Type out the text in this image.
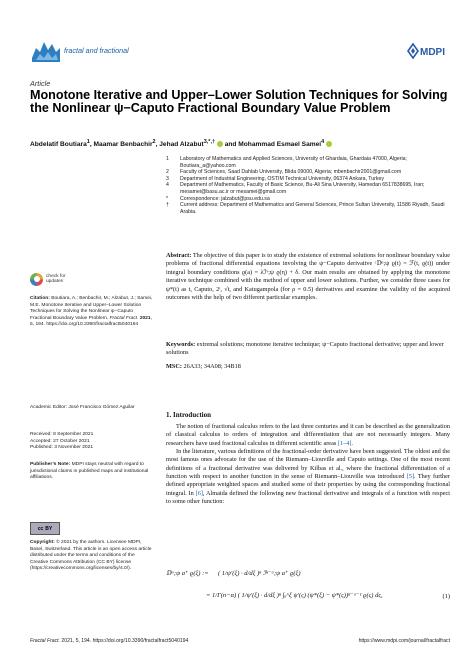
fractal and fractional	MDPI
Article
Monotone Iterative and Upper–Lower Solution Techniques for Solving the Nonlinear ψ−Caputo Fractional Boundary Value Problem
Abdelatif Boutiara$^1$, Maamar Benbachir$^2$, Jehad Alzabut$^{3,*,\dagger}$  and Mohammad Esmael Samei$^4$
1	Laboratory of Mathematics and Applied Sciences, University of Ghardaia, Ghardaia 47000, Algeria; Boutiara_a@yahoo.com
2	Faculty of Sciences, Saad Dahlab University, Blida 09000, Algeria; mbenbachir2001@gmail.com
3	Department of Industrial Engineering, OSTIM Technical University, 06374 Ankara, Turkey
4	Department of Mathematics, Faculty of Basic Science, Bu-Ali Sina University, Hamedan 6517838695, Iran; mesamei@basu.ac.ir or mesamei@gmail.com
*	Correspondence: jalzabut@psu.edu.sa
†	Current address: Department of Mathematics and General Sciences, Prince Sultan University, 11586 Riyadh, Saudi Arabia.
check for
updates
Citation: Boutiara, A.; Benbachir, M.; Alzabut, J.; Samei, M.E. Monotone Iterative and Upper–Lower Solution Techniques for Solving the Nonlinear ψ−Caputo Fractional Boundary Value Problem. Fractal Fract. 2021, 5, 194. https://doi.org/10.3390/fractalfract5040194
Academic Editor: José Francisco Gómez Aguilar
Received: 8 September 2021
Accepted: 27 October 2021
Published: 3 November 2021
Publisher’s Note: MDPI stays neutral with regard to jurisdictional claims in published maps and institutional affiliations.
cc BY
Copyright: © 2021 by the authors. Licensee MDPI, Basel, Switzerland. This article is an open access article distributed under the terms and conditions of the Creative Commons Attribution (CC BY) license (https://creativecommons.org/licenses/by/4.0/).
Abstract: The objective of this paper is to study the existence of extremal solutions for nonlinear boundary value problems of fractional differential equations involving the ψ−Caputo derivative ᶜ𝔻ᵅ;ψ ϱ(t) = ℱ(t, ϱ(t)) under integral boundary conditions ϱ(a) = λℐᵛ;ψ ϱ(η) + δ. Our main results are obtained by applying the monotone iterative technique combined with the method of upper and lower solutions. Further, we consider three cases for ψ*(t) as t, Caputo, 2ᵗ, √t, and Katugampola (for ρ = 0.5) derivatives and examine the validity of the acquired outcomes with the help of two different particular examples.
Keywords: extremal solutions; monotone iterative technique; ψ−Caputo fractional derivative; upper and lower solutions
MSC: 26A33; 34A08; 34B18
1. Introduction
The notion of fractional calculus refers to the last three centuries and it can be described as the generalization of classical calculus to orders of integration and differentiation that are not necessarily integers. Many researchers have used fractional calculus in different scientific areas [1–4].
In the literature, various definitions of the fractional-order derivative have been suggested. The oldest and the most famous ones advocate for the use of the Riemann–Liouville and Caputo settings. One of the most recent definitions of a fractional derivative was delivered by Kilbas et al., where the fractional differentiation of a function with respect to another function in the sense of Riemann–Liouville was introduced [5]. They further defined appropriate weighted spaces and studied some of their properties by using the corresponding fractional integral. In [6], Almaida defined the following new fractional derivative and integrals of a function with respect to some other function:
𝔻ᵅ;ψ a⁺ ϱ(ξ) := ( 1/ψ′(ξ) · d/dξ )ⁿ ℐⁿ⁻ᵅ;ψ a⁺ ϱ(ξ)
= 1/Γ(n−α) ( 1/ψ′(ξ) · d/dξ )ⁿ ∫ₐ^ξ ψ′(ς) (ψ*(ξ) − ψ*(ς))ⁿ⁻ᵅ⁻¹ ϱ(ς) dς,	(1)
Fractal Fract. 2021, 5, 194. https://doi.org/10.3390/fractalfract5040194	https://www.mdpi.com/journal/fractalfract
